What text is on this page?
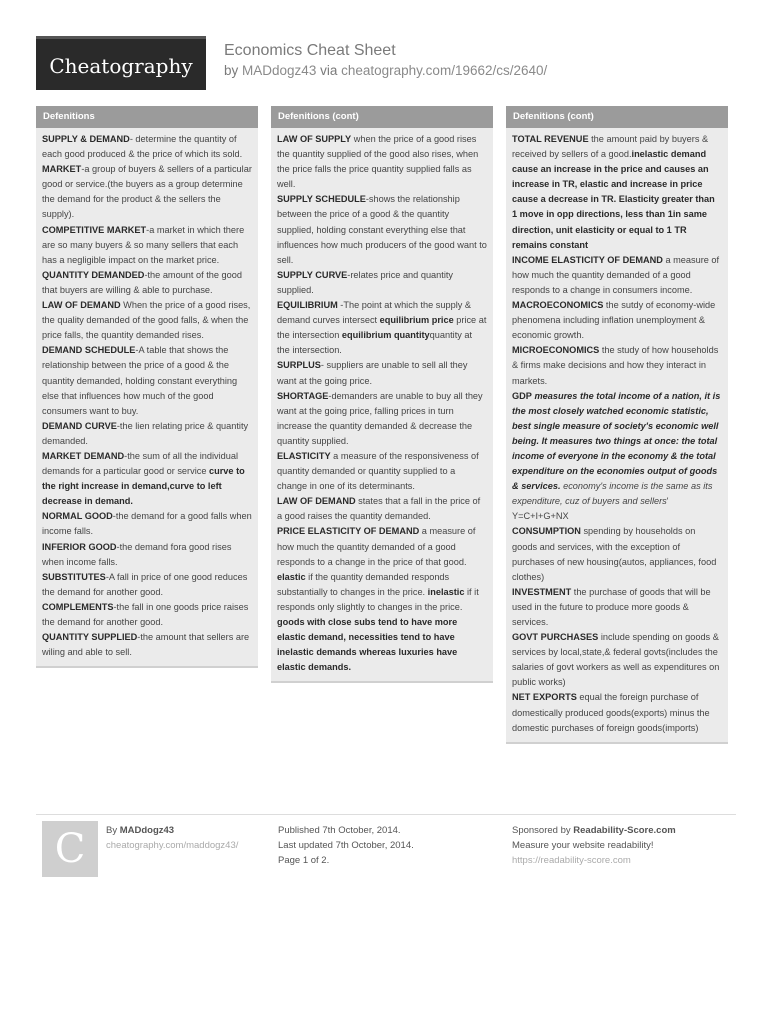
Cheatography
Economics Cheat Sheet
by MADdogz43 via cheatography.com/19662/cs/2640/
Defenitions

SUPPLY & DEMAND- determine the quantity of each good produced & the price of which its sold.

MARKET-a group of buyers & sellers of a particular good or service.(the buyers as a group determine the demand for the product & the sellers the supply).

COMPETITIVE MARKET-a market in which there are so many buyers & so many sellers that each has a negligible impact on the market price.

QUANTITY DEMANDED-the amount of the good that buyers are willing & able to purchase.

LAW OF DEMAND When the price of a good rises, the quality demanded of the good falls, & when the price falls, the quantity demanded rises.

DEMAND SCHEDULE-A table that shows the relationship between the price of a good & the quantity demanded, holding constant everything else that influences how much of the good consumers want to buy.

DEMAND CURVE-the lien relating price & quantity demanded.

MARKET DEMAND-the sum of all the individual demands for a particular good or service curve to the right increase in demand,curve to left decrease in demand.

NORMAL GOOD-the demand for a good falls when income falls.

INFERIOR GOOD-the demand fora good rises when income falls.

SUBSTITUTES-A fall in price of one good reduces the demand for another good.

COMPLEMENTS-the fall in one goods price raises the demand for another good.

QUANTITY SUPPLIED-the amount that sellers are wiling and able to sell.

Defenitions (cont)

LAW OF SUPPLY when the price of a good rises the quantity supplied of the good also rises, when the price falls the price quantity supplied falls as well.

SUPPLY SCHEDULE-shows the relationship between the price of a good & the quantity supplied, holding constant everything else that influences how much producers of the good want to sell.

SUPPLY CURVE-relates price and quantity supplied.

EQUILIBRIUM -The point at which the supply & demand curves intersect equilibrium price price at the intersection equilibrium quantityquantity at the intersection.

SURPLUS- suppliers are unable to sell all they want at the going price.

SHORTAGE-demanders are unable to buy all they want at the going price, falling prices in turn increase the quantity demanded & decrease the quantity supplied.

ELASTICITY a measure of the responsiveness of quantity demanded or quantity supplied to a change in one of its determinants.

LAW OF DEMAND states that a fall in the price of a good raises the quantity demanded.

PRICE ELASTICITY OF DEMAND a measure of how much the quantity demanded of a good responds to a change in the price of that good. elastic if the quantity demanded responds substantially to changes in the price. inelastic if it responds only slightly to changes in the price. goods with close subs tend to have more elastic demand, necessities tend to have inelastic demands whereas luxuries have elastic demands.

Defenitions (cont)

TOTAL REVENUE the amount paid by buyers & received by sellers of a good.inelastic demand cause an increase in the price and causes an increase in TR, elastic and increase in price cause a decrease in TR. Elasticity greater than 1 move in opp directions, less than 1in same direction, unit elasticity or equal to 1 TR remains constant

INCOME ELASTICITY OF DEMAND a measure of how much the quantity demanded of a good responds to a change in consumers income.

MACROECONOMICS the sutdy of economy-wide phenomena including inflation unemployment & economic growth.

MICROECONOMICS the study of how households & firms make decisions and how they interact in markets.

GDP measures the total income of a nation, it is the most closely watched economic statistic, best single measure of society's economic well being. It measures two things at once: the total income of everyone in the economy & the total expenditure on the economies output of goods & services. economy's income is the same as its expenditure, cuz of buyers and sellers' Y=C+I+G+NX

CONSUMPTION spending by households on goods and services, with the exception of purchases of new housing(autos, appliances, food clothes)

INVESTMENT the purchase of goods that will be used in the future to produce more goods & services.

GOVT PURCHASES include spending on goods & services by local,state,& federal govts(includes the salaries of govt workers as well as expenditures on public works)

NET EXPORTS equal the foreign purchase of domestically produced goods(exports) minus the domestic purchases of foreign goods(imports)

C	By MADdogz43
cheatography.com/maddogz43/
Published 7th October, 2014.
Last updated 7th October, 2014.
Page 1 of 2.
Sponsored by Readability-Score.com
Measure your website readability!
https://readability-score.com
